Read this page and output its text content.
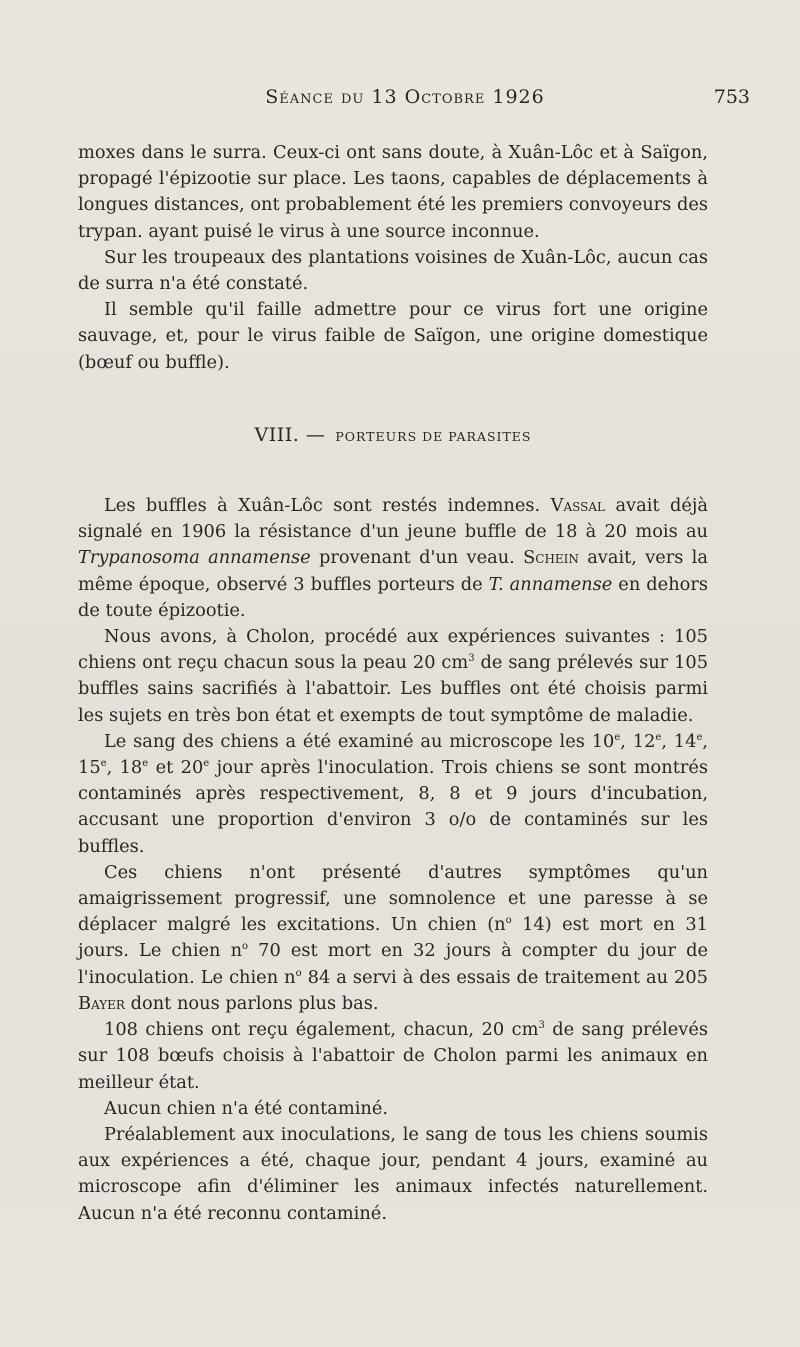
Séance du 13 Octobre 1926	753

moxes dans le surra. Ceux-ci ont sans doute, à Xuân-Lôc et à Saïgon, propagé l'épizootie sur place. Les taons, capables de déplacements à longues distances, ont probablement été les premiers convoyeurs des trypan. ayant puisé le virus à une source inconnue.

Sur les troupeaux des plantations voisines de Xuân-Lôc, aucun cas de surra n'a été constaté.

Il semble qu'il faille admettre pour ce virus fort une origine sauvage, et, pour le virus faible de Saïgon, une origine domestique (bœuf ou buffle).

VIII. — PORTEURS DE PARASITES

Les buffles à Xuân-Lôc sont restés indemnes. Vassal avait déjà signalé en 1906 la résistance d'un jeune buffle de 18 à 20 mois au Trypanosoma annamense provenant d'un veau. Schein avait, vers la même époque, observé 3 buffles porteurs de T. annamense en dehors de toute épizootie.

Nous avons, à Cholon, procédé aux expériences suivantes : 105 chiens ont reçu chacun sous la peau 20 $cm^3$ de sang prélevés sur 105 buffles sains sacrifiés à l'abattoir. Les buffles ont été choisis parmi les sujets en très bon état et exempts de tout symptôme de maladie.

Le sang des chiens a été examiné au microscope les 10e, 12e, 14e, 15e, 18e et 20e jour après l'inoculation. Trois chiens se sont montrés contaminés après respectivement, 8, 8 et 9 jours d'incubation, accusant une proportion d'environ 3 o/o de contaminés sur les buffles.

Ces chiens n'ont présenté d'autres symptômes qu'un amaigrissement progressif, une somnolence et une paresse à se déplacer malgré les excitations. Un chien ($n^o$ 14) est mort en 31 jours. Le chien $n^o$ 70 est mort en 32 jours à compter du jour de l'inoculation. Le chien $n^o$ 84 a servi à des essais de traitement au 205 Bayer dont nous parlons plus bas.

108 chiens ont reçu également, chacun, 20 $cm^3$ de sang prélevés sur 108 bœufs choisis à l'abattoir de Cholon parmi les animaux en meilleur état.

Aucun chien n'a été contaminé.

Préalablement aux inoculations, le sang de tous les chiens soumis aux expériences a été, chaque jour, pendant 4 jours, examiné au microscope afin d'éliminer les animaux infectés naturellement. Aucun n'a été reconnu contaminé.
